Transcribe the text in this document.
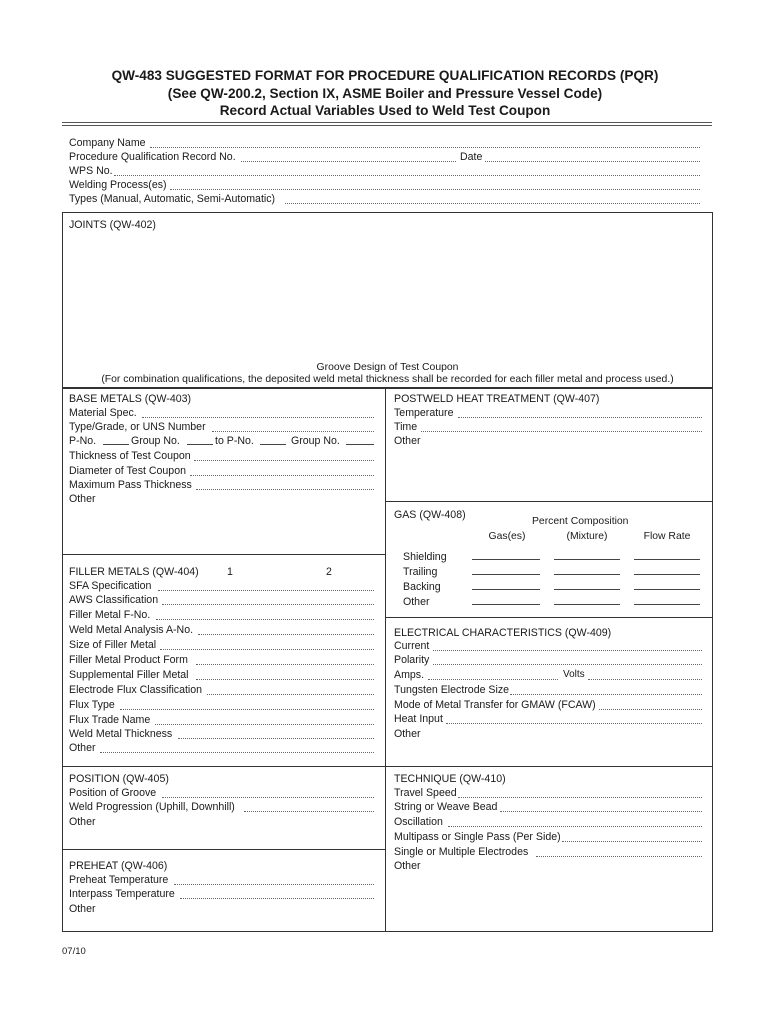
QW-483 SUGGESTED FORMAT FOR PROCEDURE QUALIFICATION RECORDS (PQR)
(See QW-200.2, Section IX, ASME Boiler and Pressure Vessel Code)
Record Actual Variables Used to Weld Test Coupon
Company Name
Procedure Qualification Record No.	Date
WPS No.
Welding Process(es)
Types (Manual, Automatic, Semi-Automatic)
JOINTS (QW-402)
Groove Design of Test Coupon
(For combination qualifications, the deposited weld metal thickness shall be recorded for each filler metal and process used.)
BASE METALS (QW-403)
Material Spec.
Type/Grade, or UNS Number
P-No.	Group No.	to P-No.	Group No.
Thickness of Test Coupon
Diameter of Test Coupon
Maximum Pass Thickness
Other
POSTWELD HEAT TREATMENT (QW-407)
Temperature
Time
Other
GAS (QW-408)
Percent Composition
Gas(es)	(Mixture)	Flow Rate
Shielding
Trailing
Backing
Other
FILLER METALS (QW-404)	1	2
SFA Specification
AWS Classification
Filler Metal F-No.
Weld Metal Analysis A-No.
Size of Filler Metal
Filler Metal Product Form
Supplemental Filler Metal
Electrode Flux Classification
Flux Type
Flux Trade Name
Weld Metal Thickness
Other
ELECTRICAL CHARACTERISTICS (QW-409)
Current
Polarity
Amps.	Volts
Tungsten Electrode Size
Mode of Metal Transfer for GMAW (FCAW)
Heat Input
Other
POSITION (QW-405)
Position of Groove
Weld Progression (Uphill, Downhill)
Other
TECHNIQUE (QW-410)
Travel Speed
String or Weave Bead
Oscillation
Multipass or Single Pass (Per Side)
Single or Multiple Electrodes
Other
PREHEAT (QW-406)
Preheat Temperature
Interpass Temperature
Other
07/10
